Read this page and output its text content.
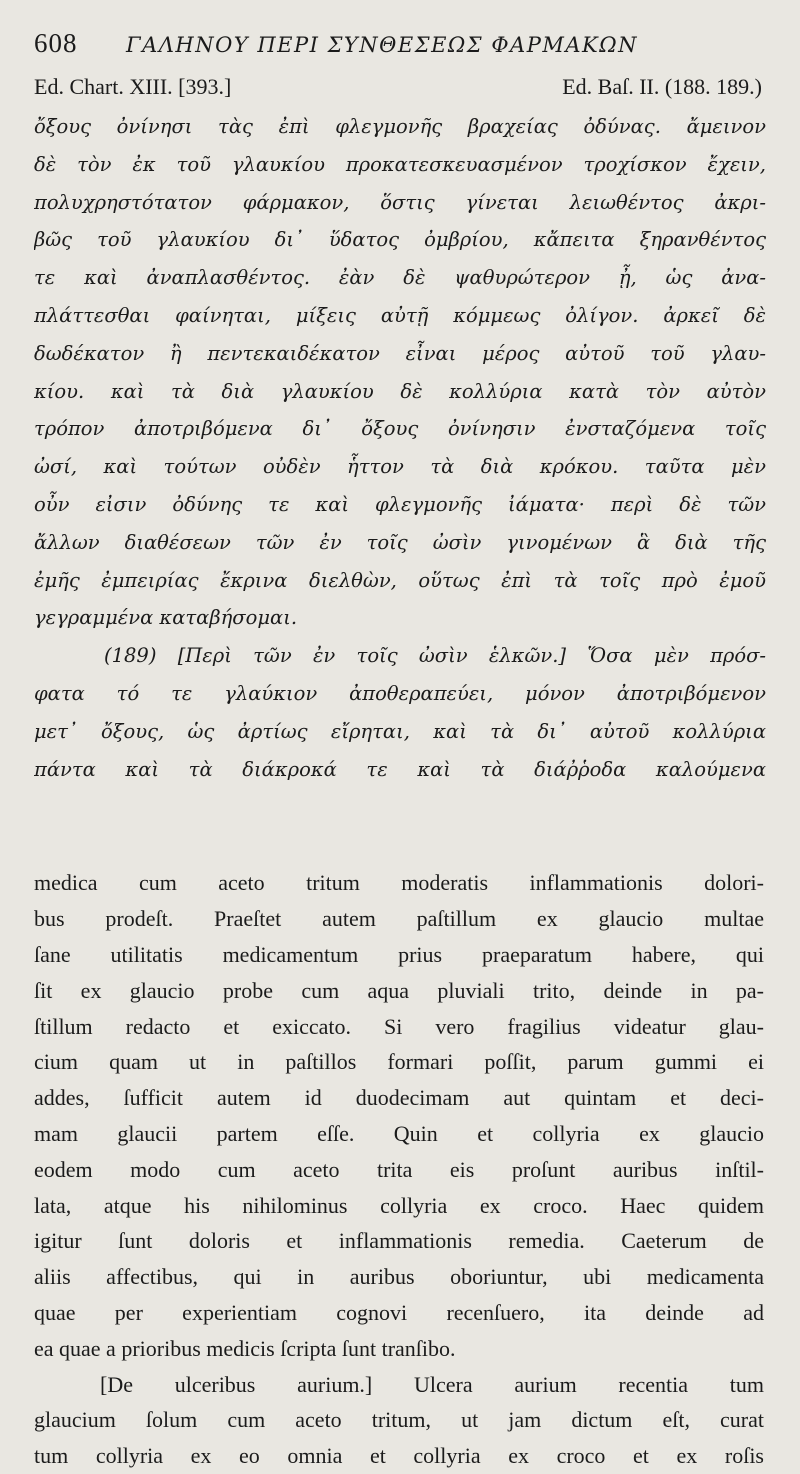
608	ΓΑΛΗΝΟΥ ΠΕΡΙ ΣΥΝΘΕΣΕΩΣ ΦΑΡΜΑΚΩΝ
Ed. Chart. XIII. [393.]	Ed. Baſ. II. (188. 189.)
ὄξους ὀνίνησι τὰς ἐπὶ φλεγμονῆς βραχείας ὀδύνας. ἄμεινον
δὲ τὸν ἐκ τοῦ γλαυκίου προκατεσκευασμένον τροχίσκον ἔχειν,
πολυχρηστότατον φάρμακον, ὅστις γίνεται λειωθέντος ἀκρι-
βῶς τοῦ γλαυκίου δι᾽ ὕδατος ὀμβρίου, κἄπειτα ξηρανθέντος
τε καὶ ἀναπλασθέντος. ἐὰν δὲ ψαθυρώτερον ᾖ, ὡς ἀνα-
πλάττεσθαι φαίνηται, μίξεις αὐτῇ κόμμεως ὀλίγον. ἀρκεῖ δὲ
δωδέκατον ἢ πεντεκαιδέκατον εἶναι μέρος αὐτοῦ τοῦ γλαυ-
κίου. καὶ τὰ διὰ γλαυκίου δὲ κολλύρια κατὰ τὸν αὐτὸν
τρόπον ἀποτριβόμενα δι᾽ ὄξους ὀνίνησιν ἐνσταζόμενα τοῖς
ὠσί, καὶ τούτων οὐδὲν ἧττον τὰ διὰ κρόκου. ταῦτα μὲν
οὖν εἰσιν ὀδύνης τε καὶ φλεγμονῆς ἰάματα· περὶ δὲ τῶν
ἄλλων διαθέσεων τῶν ἐν τοῖς ὠσὶν γινομένων ἃ διὰ τῆς
ἐμῆς ἐμπειρίας ἔκρινα διελθὼν, οὕτως ἐπὶ τὰ τοῖς πρὸ ἐμοῦ
γεγραμμένα καταβήσομαι.
(189) [Περὶ τῶν ἐν τοῖς ὠσὶν ἑλκῶν.] Ὅσα μὲν πρόσ-
φατα τό τε γλαύκιον ἀποθεραπεύει, μόνον ἀποτριβόμενον
μετ᾽ ὄξους, ὡς ἀρτίως εἴρηται, καὶ τὰ δι᾽ αὐτοῦ κολλύρια
πάντα καὶ τὰ διάκροκά τε καὶ τὰ διάῤῥοδα καλούμενα
medica cum aceto tritum moderatis inflammationis dolori-
bus prodeſt. Praeſtet autem paſtillum ex glaucio multae
ſane utilitatis medicamentum prius praeparatum habere, qui
ſit ex glaucio probe cum aqua pluviali trito, deinde in pa-
ſtillum redacto et exiccato. Si vero fragilius videatur glau-
cium quam ut in paſtillos formari poſſit, parum gummi ei
addes, ſufficit autem id duodecimam aut quintam et deci-
mam glaucii partem eſſe. Quin et collyria ex glaucio
eodem modo cum aceto trita eis proſunt auribus inſtil-
lata, atque his nihilominus collyria ex croco. Haec quidem
igitur ſunt doloris et inflammationis remedia. Caeterum de
aliis affectibus, qui in auribus oboriuntur, ubi medicamenta
quae per experientiam cognovi recenſuero, ita deinde ad
ea quae a prioribus medicis ſcripta ſunt tranſibo.
[De ulceribus aurium.] Ulcera aurium recentia tum
glaucium ſolum cum aceto tritum, ut jam dictum eſt, curat
tum collyria ex eo omnia et collyria ex croco et ex roſis
